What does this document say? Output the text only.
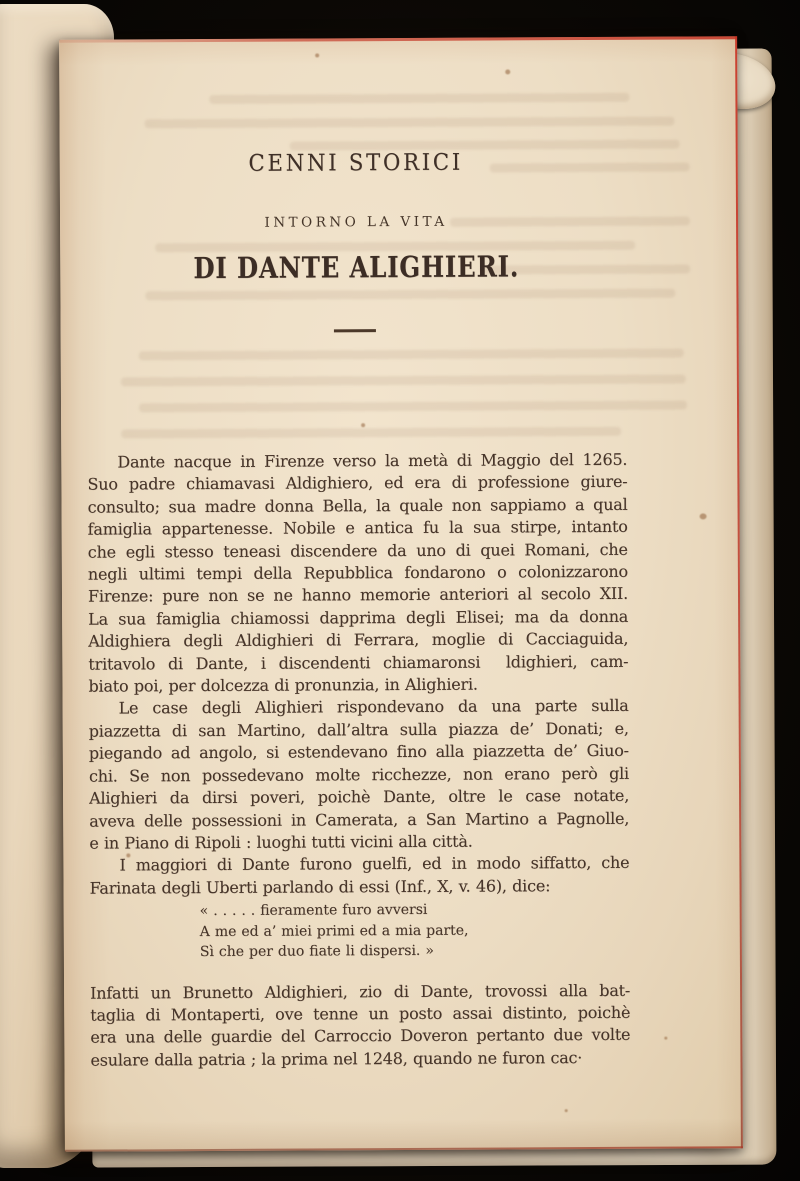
CENNI STORICI
INTORNO LA VITA
DI DANTE ALIGHIERI.
Dante nacque in Firenze verso la metà di Maggio del 1265.
Suo padre chiamavasi Aldighiero, ed era di professione giure-
consulto; sua madre donna Bella, la quale non sappiamo a qual
famiglia appartenesse. Nobile e antica fu la sua stirpe, intanto
che egli stesso teneasi discendere da uno di quei Romani, che
negli ultimi tempi della Repubblica fondarono o colonizzarono
Firenze: pure non se ne hanno memorie anteriori al secolo XII.
La sua famiglia chiamossi dapprima degli Elisei; ma da donna
Aldighiera degli Aldighieri di Ferrara, moglie di Cacciaguida,
tritavolo di Dante, i discendenti chiamaronsi  ldighieri, cam-
biato poi, per dolcezza di pronunzia, in Alighieri.
Le case degli Alighieri rispondevano da una parte sulla
piazzetta di san Martino, dall’altra sulla piazza de’ Donati; e,
piegando ad angolo, si estendevano fino alla piazzetta de’ Giuo-
chi. Se non possedevano molte ricchezze, non erano però gli
Alighieri da dirsi poveri, poichè Dante, oltre le case notate,
aveva delle possessioni in Camerata, a San Martino a Pagnolle,
e in Piano di Ripoli : luoghi tutti vicini alla città.
I maggiori di Dante furono guelfi, ed in modo siffatto, che
Farinata degli Uberti parlando di essi (Inf., X, v. 46), dice:
« . . . . . fieramente furo avversi
A me ed a’ miei primi ed a mia parte,
Sì che per duo fiate li dispersi. »
Infatti un Brunetto Aldighieri, zio di Dante, trovossi alla bat-
taglia di Montaperti, ove tenne un posto assai distinto, poichè
era una delle guardie del Carroccio Doveron pertanto due volte
esulare dalla patria ; la prima nel 1248, quando ne furon cac·
